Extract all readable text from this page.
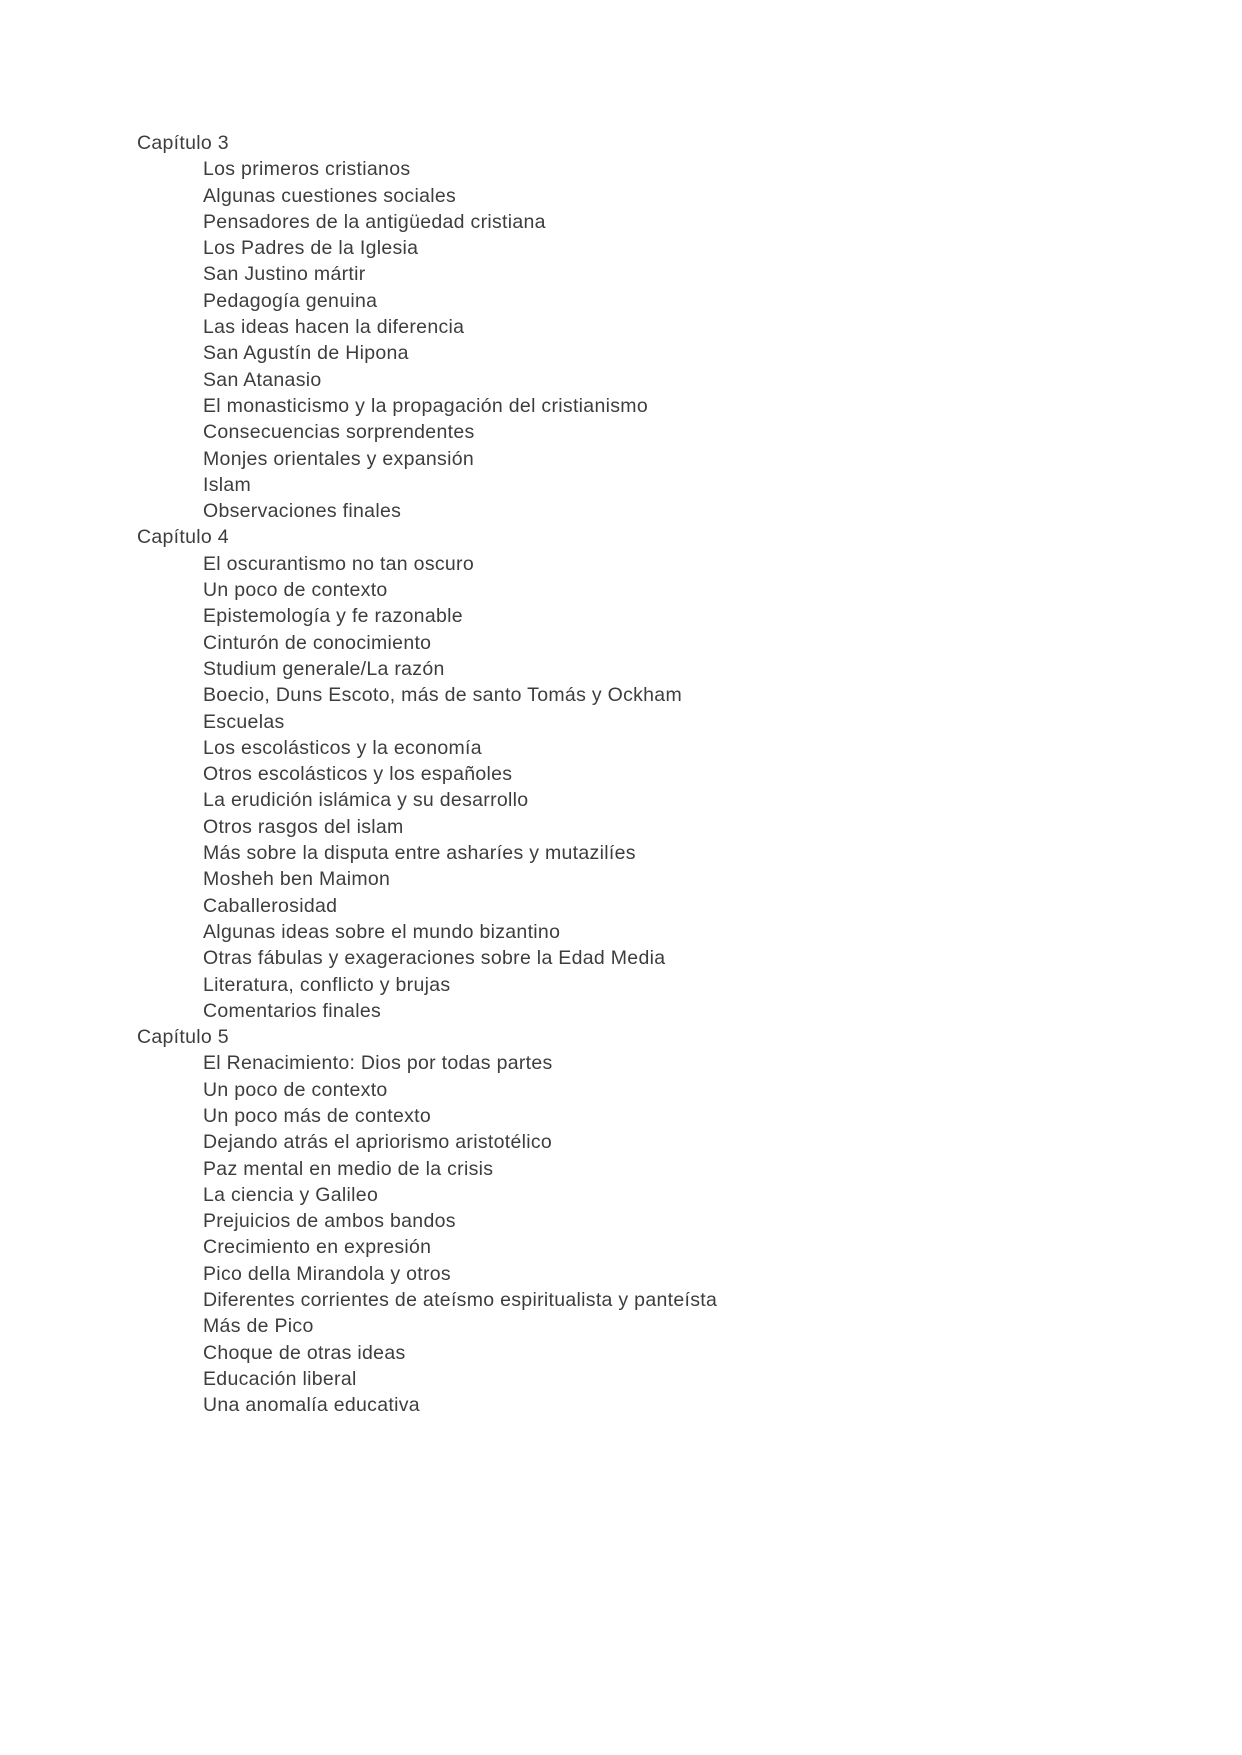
Capítulo 3
Los primeros cristianos
Algunas cuestiones sociales
Pensadores de la antigüedad cristiana
Los Padres de la Iglesia
San Justino mártir
Pedagogía genuina
Las ideas hacen la diferencia
San Agustín de Hipona
San Atanasio
El monasticismo y la propagación del cristianismo
Consecuencias sorprendentes
Monjes orientales y expansión
Islam
Observaciones finales
Capítulo 4
El oscurantismo no tan oscuro
Un poco de contexto
Epistemología y fe razonable
Cinturón de conocimiento
Studium generale/La razón
Boecio, Duns Escoto, más de santo Tomás y Ockham
Escuelas
Los escolásticos y la economía
Otros escolásticos y los españoles
La erudición islámica y su desarrollo
Otros rasgos del islam
Más sobre la disputa entre asharíes y mutazilíes
Mosheh ben Maimon
Caballerosidad
Algunas ideas sobre el mundo bizantino
Otras fábulas y exageraciones sobre la Edad Media
Literatura, conflicto y brujas
Comentarios finales
Capítulo 5
El Renacimiento: Dios por todas partes
Un poco de contexto
Un poco más de contexto
Dejando atrás el apriorismo aristotélico
Paz mental en medio de la crisis
La ciencia y Galileo
Prejuicios de ambos bandos
Crecimiento en expresión
Pico della Mirandola y otros
Diferentes corrientes de ateísmo espiritualista y panteísta
Más de Pico
Choque de otras ideas
Educación liberal
Una anomalía educativa
